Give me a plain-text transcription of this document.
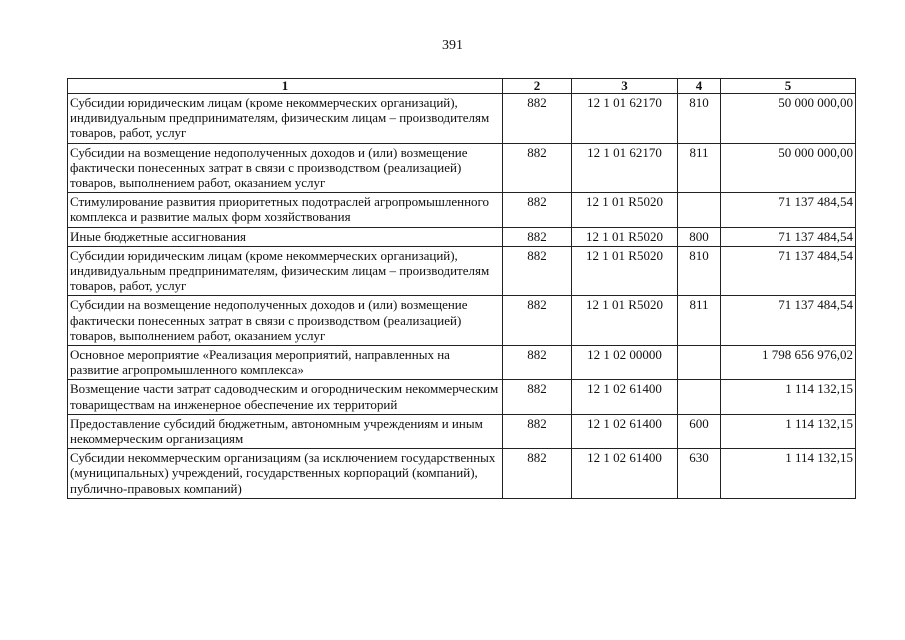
391
1	2	3	4	5
Субсидии юридическим лицам (кроме некоммерческих организаций), индивидуальным предпринимателям, физическим лицам – производителям товаров, работ, услуг	882	12 1 01 62170	810	50 000 000,00
Субсидии на возмещение недополученных доходов и (или) возмещение фактически понесенных затрат в связи с производством (реализацией) товаров, выполнением работ, оказанием услуг	882	12 1 01 62170	811	50 000 000,00
Стимулирование развития приоритетных подотраслей агропромышленного комплекса и развитие малых форм хозяйствования	882	12 1 01 R5020		71 137 484,54
Иные бюджетные ассигнования	882	12 1 01 R5020	800	71 137 484,54
Субсидии юридическим лицам (кроме некоммерческих организаций), индивидуальным предпринимателям, физическим лицам – производителям товаров, работ, услуг	882	12 1 01 R5020	810	71 137 484,54
Субсидии на возмещение недополученных доходов и (или) возмещение фактически понесенных затрат в связи с производством (реализацией) товаров, выполнением работ, оказанием услуг	882	12 1 01 R5020	811	71 137 484,54
Основное мероприятие «Реализация мероприятий, направленных на развитие агропромышленного комплекса»	882	12 1 02 00000		1 798 656 976,02
Возмещение части затрат садоводческим и огородническим некоммерческим товариществам на инженерное обеспечение их территорий	882	12 1 02 61400		1 114 132,15
Предоставление субсидий бюджетным, автономным учреждениям и иным некоммерческим организациям	882	12 1 02 61400	600	1 114 132,15
Субсидии некоммерческим организациям (за исключением государственных (муниципальных) учреждений, государственных корпораций (компаний), публично-правовых компаний)	882	12 1 02 61400	630	1 114 132,15
